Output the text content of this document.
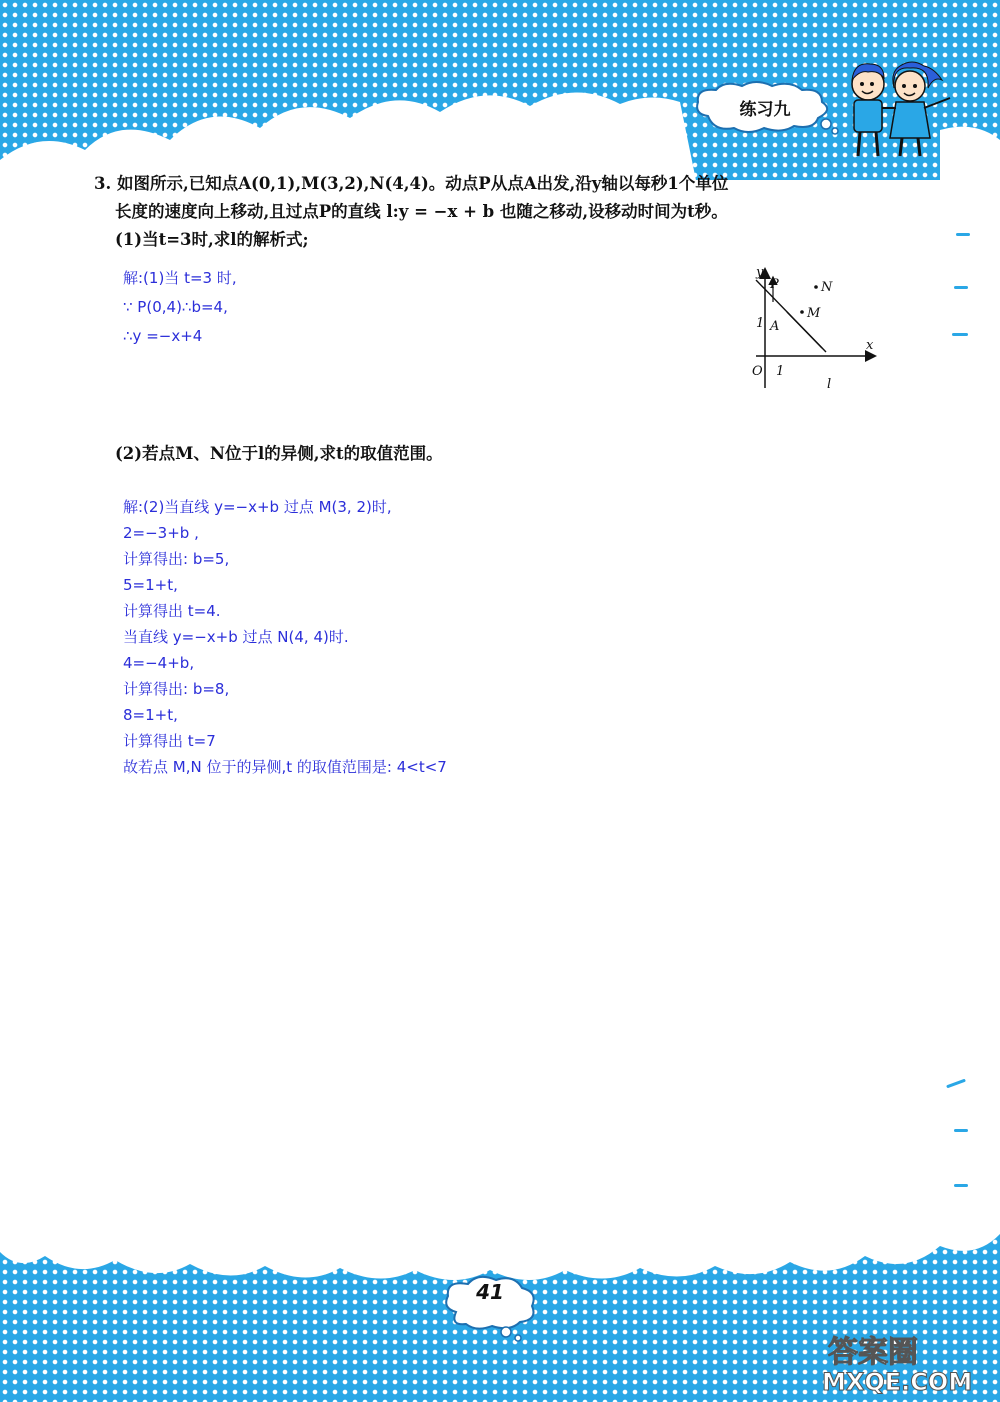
练习九
3. 如图所示,已知点A(0,1),M(3,2),N(4,4)。动点P从点A出发,沿y轴以每秒1个单位
长度的速度向上移动,且过点P的直线 l:y = −x + b 也随之移动,设移动时间为t秒。
(1)当t=3时,求l的解析式;
解:(1)当 t=3 时,
∵ P(0,4)∴b=4,
∴y =−x+4
y
x
O 1
1 A
P	N
M
l
(2)若点M、N位于l的异侧,求t的取值范围。
解:(2)当直线 y=−x+b 过点 M(3, 2)时,
2=−3+b ,
计算得出: b=5,
5=1+t,
计算得出 t=4.
当直线 y=−x+b 过点 N(4, 4)时.
4=−4+b,
计算得出: b=8,
8=1+t,
计算得出 t=7
故若点 M,N 位于的异侧,t 的取值范围是: 4<t<7
41
答案圈
MXQE.COM
